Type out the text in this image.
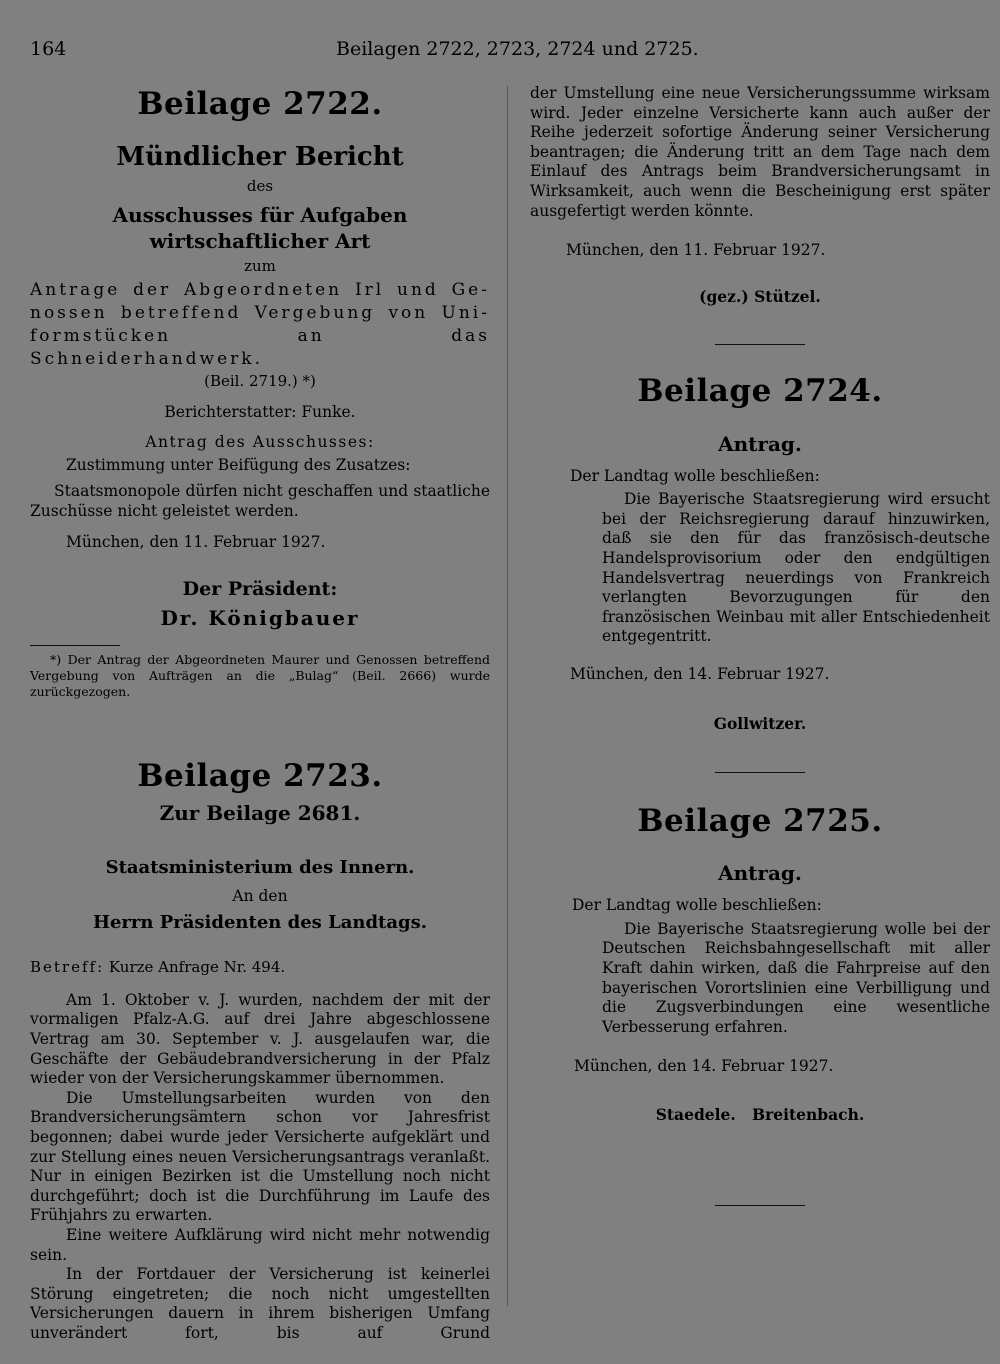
164	Beilagen 2722, 2723, 2724 und 2725.
Beilage 2722.
Mündlicher Bericht
des
Ausschusses für Aufgaben wirtschaftlicher Art
zum
Antrage der Abgeordneten Irl und Ge-
nossen betreffend Vergebung von Uni-
formstücken an das Schneiderhandwerk.
(Beil. 2719.) *)
Berichterstatter: Funke.
Antrag des Ausschusses:
Zustimmung unter Beifügung des Zusatzes:
Staatsmonopole dürfen nicht geschaffen und staatliche Zuschüsse nicht geleistet werden.
München, den 11. Februar 1927.
Der Präsident:
Dr. Königbauer
*) Der Antrag der Abgeordneten Maurer und Genossen betreffend Vergebung von Aufträgen an die „Bulag“ (Beil. 2666) wurde zurückgezogen.
Beilage 2723.
Zur Beilage 2681.
Staatsministerium des Innern.
An den
Herrn Präsidenten des Landtags.
Betreff: Kurze Anfrage Nr. 494.

Am 1. Oktober v. J. wurden, nachdem der mit der vormaligen Pfalz-A.G. auf drei Jahre abgeschlossene Vertrag am 30. September v. J. ausgelaufen war, die Geschäfte der Gebäudebrandversicherung in der Pfalz wieder von der Versicherungskammer übernommen.

Die Umstellungsarbeiten wurden von den Brandversicherungsämtern schon vor Jahresfrist begonnen; dabei wurde jeder Versicherte aufgeklärt und zur Stellung eines neuen Versicherungsantrags veranlaßt. Nur in einigen Bezirken ist die Umstellung noch nicht durchgeführt; doch ist die Durchführung im Laufe des Frühjahrs zu erwarten.

Eine weitere Aufklärung wird nicht mehr notwendig sein.

In der Fortdauer der Versicherung ist keinerlei Störung eingetreten; die noch nicht umgestellten Versicherungen dauern in ihrem bisherigen Umfang unverändert fort, bis auf Grund

der Umstellung eine neue Versicherungssumme wirksam wird. Jeder einzelne Versicherte kann auch außer der Reihe jederzeit sofortige Änderung seiner Versicherung beantragen; die Änderung tritt an dem Tage nach dem Einlauf des Antrags beim Brandversicherungsamt in Wirksamkeit, auch wenn die Bescheinigung erst später ausgefertigt werden könnte.

München, den 11. Februar 1927.
(gez.) Stützel.
Beilage 2724.
Antrag.
Der Landtag wolle beschließen:

Die Bayerische Staatsregierung wird ersucht bei der Reichsregierung darauf hinzuwirken, daß sie den für das französisch-deutsche Handelsprovisorium oder den endgültigen Handelsvertrag neuerdings von Frankreich verlangten Bevorzugungen für den französischen Weinbau mit aller Entschiedenheit entgegentritt.

München, den 14. Februar 1927.
Gollwitzer.
Beilage 2725.
Antrag.
Der Landtag wolle beschließen:

Die Bayerische Staatsregierung wolle bei der Deutschen Reichsbahngesellschaft mit aller Kraft dahin wirken, daß die Fahrpreise auf den bayerischen Vorortslinien eine Verbilligung und die Zugsverbindungen eine wesentliche Verbesserung erfahren.

München, den 14. Februar 1927.
Staedele.   Breitenbach.
